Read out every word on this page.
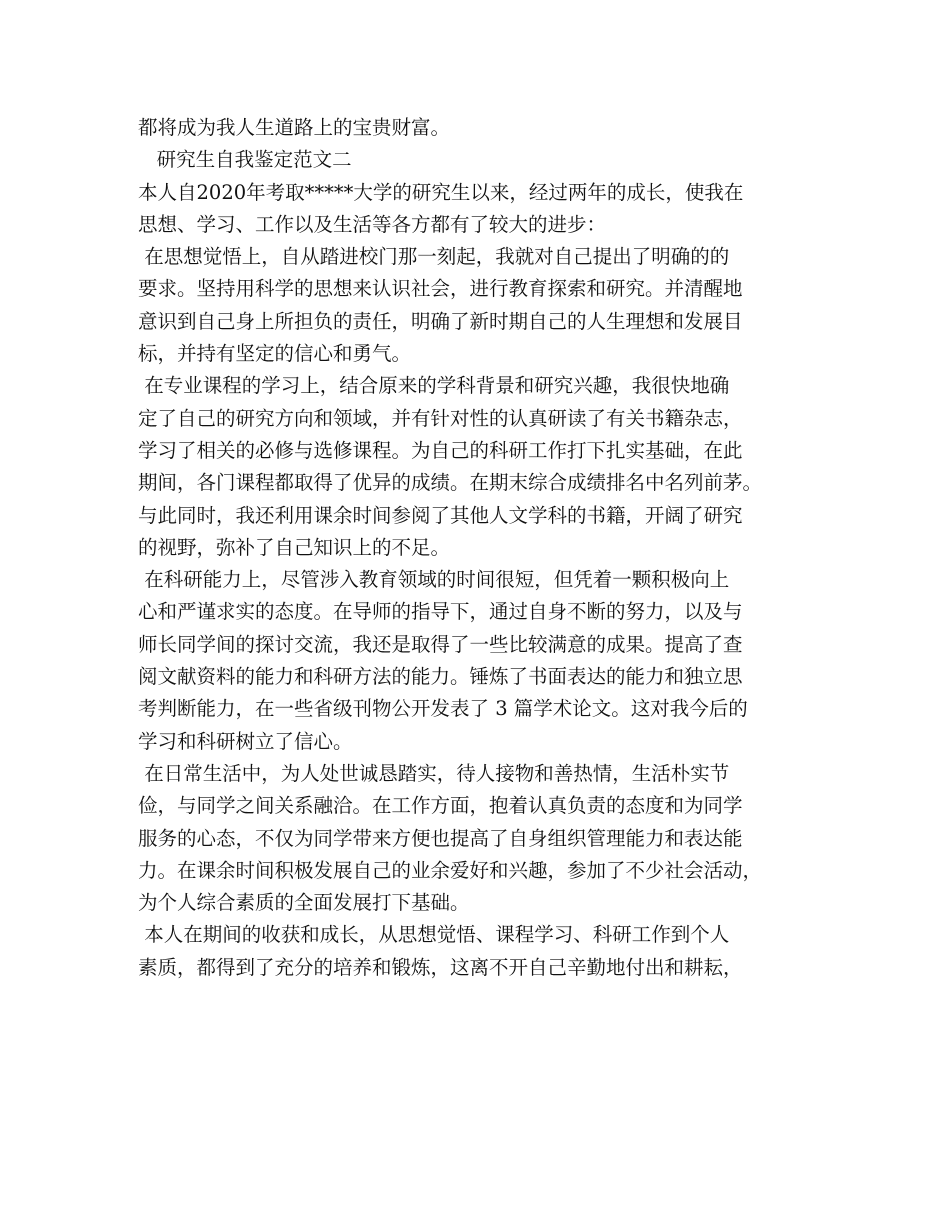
都将成为我人生道路上的宝贵财富。
研究生自我鉴定范文二
本人自2020年考取*****大学的研究生以来，经过两年的成长，使我在
思想、学习、工作以及生活等各方都有了较大的进步：
在思想觉悟上，自从踏进校门那一刻起，我就对自己提出了明确的的
要求。坚持用科学的思想来认识社会，进行教育探索和研究。并清醒地
意识到自己身上所担负的责任，明确了新时期自己的人生理想和发展目
标，并持有坚定的信心和勇气。
在专业课程的学习上，结合原来的学科背景和研究兴趣，我很快地确
定了自己的研究方向和领域，并有针对性的认真研读了有关书籍杂志，
学习了相关的必修与选修课程。为自己的科研工作打下扎实基础，在此
期间，各门课程都取得了优异的成绩。在期末综合成绩排名中名列前茅。
与此同时，我还利用课余时间参阅了其他人文学科的书籍，开阔了研究
的视野，弥补了自己知识上的不足。
在科研能力上，尽管涉入教育领域的时间很短，但凭着一颗积极向上
心和严谨求实的态度。在导师的指导下，通过自身不断的努力，以及与
师长同学间的探讨交流，我还是取得了一些比较满意的成果。提高了查
阅文献资料的能力和科研方法的能力。锤炼了书面表达的能力和独立思
考判断能力，在一些省级刊物公开发表了 3 篇学术论文。这对我今后的
学习和科研树立了信心。
在日常生活中，为人处世诚恳踏实，待人接物和善热情，生活朴实节
俭，与同学之间关系融洽。在工作方面，抱着认真负责的态度和为同学
服务的心态，不仅为同学带来方便也提高了自身组织管理能力和表达能
力。在课余时间积极发展自己的业余爱好和兴趣，参加了不少社会活动，
为个人综合素质的全面发展打下基础。
本人在期间的收获和成长，从思想觉悟、课程学习、科研工作到个人
素质，都得到了充分的培养和锻炼，这离不开自己辛勤地付出和耕耘，
